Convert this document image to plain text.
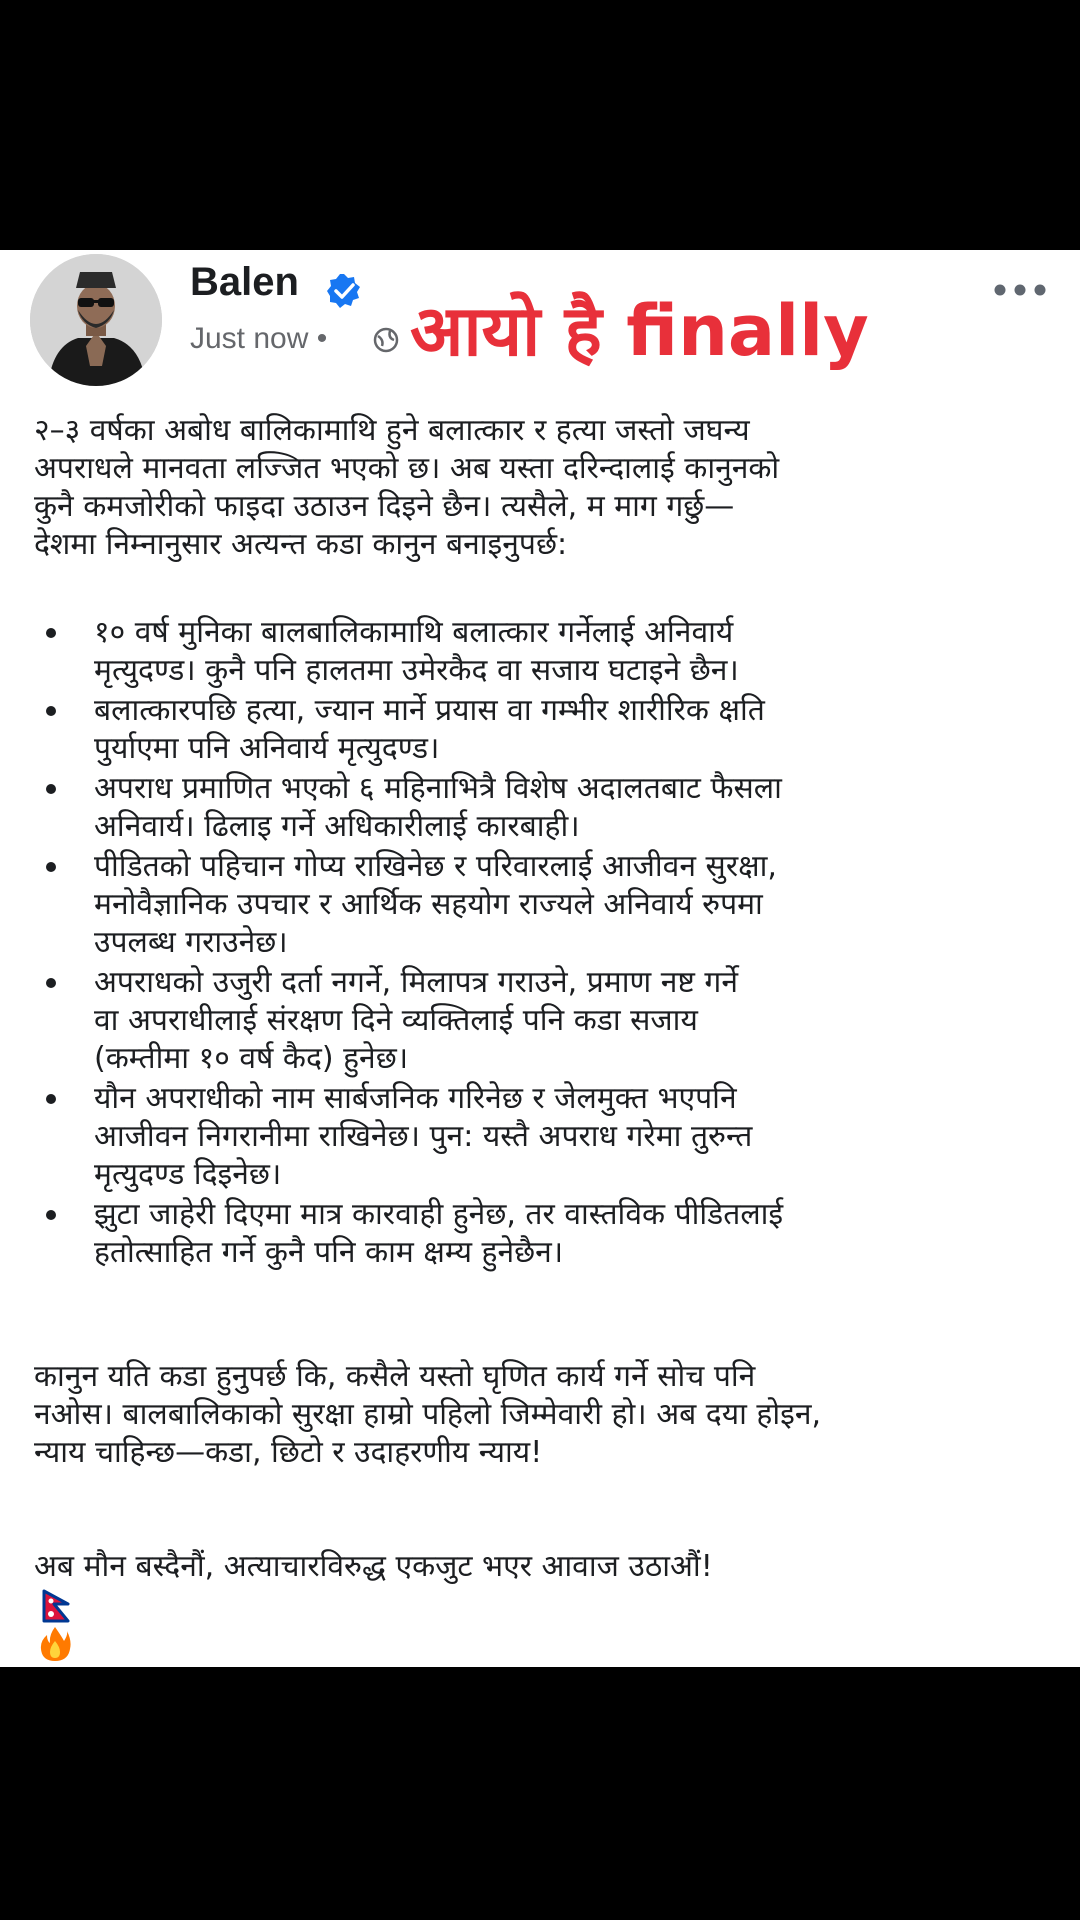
Balen
Just now • आयो है finally

२–३ वर्षका अबोध बालिकामाथि हुने बलात्कार र हत्या जस्तो जघन्य
अपराधले मानवता लज्जित भएको छ। अब यस्ता दरिन्दालाई कानुनको
कुनै कमजोरीको फाइदा उठाउन दिइने छैन। त्यसैले, म माग गर्छु—
देशमा निम्नानुसार अत्यन्त कडा कानुन बनाइनुपर्छ:

१० वर्ष मुनिका बालबालिकामाथि बलात्कार गर्नेलाई अनिवार्य
मृत्युदण्ड। कुनै पनि हालतमा उमेरकैद वा सजाय घटाइने छैन।
बलात्कारपछि हत्या, ज्यान मार्ने प्रयास वा गम्भीर शारीरिक क्षति
पुर्याएमा पनि अनिवार्य मृत्युदण्ड।
अपराध प्रमाणित भएको ६ महिनाभित्रै विशेष अदालतबाट फैसला
अनिवार्य। ढिलाइ गर्ने अधिकारीलाई कारबाही।
पीडितको पहिचान गोप्य राखिनेछ र परिवारलाई आजीवन सुरक्षा,
मनोवैज्ञानिक उपचार र आर्थिक सहयोग राज्यले अनिवार्य रुपमा
उपलब्ध गराउनेछ।
अपराधको उजुरी दर्ता नगर्ने, मिलापत्र गराउने, प्रमाण नष्ट गर्ने
वा अपराधीलाई संरक्षण दिने व्यक्तिलाई पनि कडा सजाय
(कम्तीमा १० वर्ष कैद) हुनेछ।
यौन अपराधीको नाम सार्बजनिक गरिनेछ र जेलमुक्त भएपनि
आजीवन निगरानीमा राखिनेछ। पुन: यस्तै अपराध गरेमा तुरुन्त
मृत्युदण्ड दिइनेछ।
झुटा जाहेरी दिएमा मात्र कारवाही हुनेछ, तर वास्तविक पीडितलाई
हतोत्साहित गर्ने कुनै पनि काम क्षम्य हुनेछैन।

कानुन यति कडा हुनुपर्छ कि, कसैले यस्तो घृणित कार्य गर्ने सोच पनि
नओस। बालबालिकाको सुरक्षा हाम्रो पहिलो जिम्मेवारी हो। अब दया होइन,
न्याय चाहिन्छ—कडा, छिटो र उदाहरणीय न्याय!

अब मौन बस्दैनौं, अत्याचारविरुद्ध एकजुट भएर आवाज उठाऔं!
